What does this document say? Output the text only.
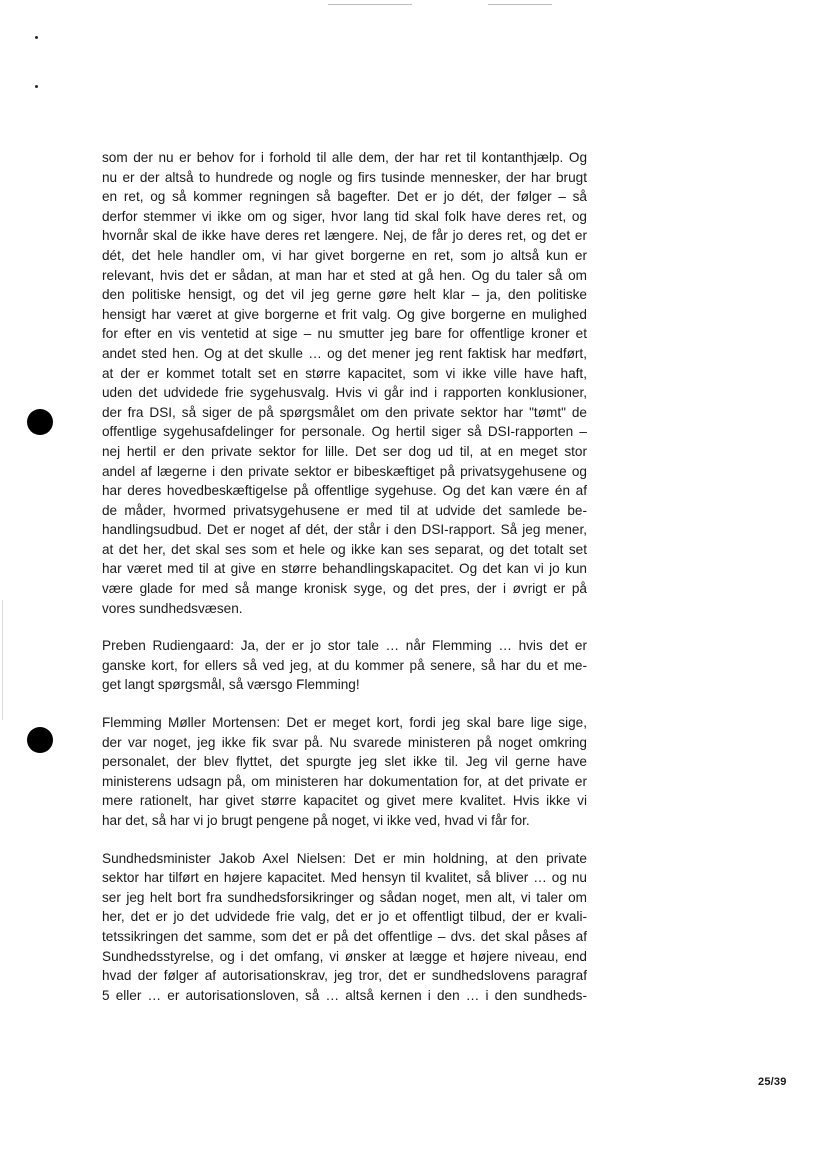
som der nu er behov for i forhold til alle dem, der har ret til kontanthjælp. Og
nu er der altså to hundrede og nogle og firs tusinde mennesker, der har brugt
en ret, og så kommer regningen så bagefter. Det er jo dét, der følger – så
derfor stemmer vi ikke om og siger, hvor lang tid skal folk have deres ret, og
hvornår skal de ikke have deres ret længere. Nej, de får jo deres ret, og det er
dét, det hele handler om, vi har givet borgerne en ret, som jo altså kun er
relevant, hvis det er sådan, at man har et sted at gå hen. Og du taler så om
den politiske hensigt, og det vil jeg gerne gøre helt klar – ja, den politiske
hensigt har været at give borgerne et frit valg. Og give borgerne en mulighed
for efter en vis ventetid at sige – nu smutter jeg bare for offentlige kroner et
andet sted hen. Og at det skulle … og det mener jeg rent faktisk har medført,
at der er kommet totalt set en større kapacitet, som vi ikke ville have haft,
uden det udvidede frie sygehusvalg. Hvis vi går ind i rapporten konklusioner,
der fra DSI, så siger de på spørgsmålet om den private sektor har "tømt" de
offentlige sygehusafdelinger for personale. Og hertil siger så DSI-rapporten –
nej hertil er den private sektor for lille. Det ser dog ud til, at en meget stor
andel af lægerne i den private sektor er bibeskæftiget på privatsygehusene og
har deres hovedbeskæftigelse på offentlige sygehuse. Og det kan være én af
de måder, hvormed privatsygehusene er med til at udvide det samlede be-
handlingsudbud. Det er noget af dét, der står i den DSI-rapport. Så jeg mener,
at det her, det skal ses som et hele og ikke kan ses separat, og det totalt set
har været med til at give en større behandlingskapacitet. Og det kan vi jo kun
være glade for med så mange kronisk syge, og det pres, der i øvrigt er på
vores sundhedsvæsen.
Preben Rudiengaard: Ja, der er jo stor tale … når Flemming … hvis det er
ganske kort, for ellers så ved jeg, at du kommer på senere, så har du et me-
get langt spørgsmål, så værsgo Flemming!
Flemming Møller Mortensen: Det er meget kort, fordi jeg skal bare lige sige,
der var noget, jeg ikke fik svar på. Nu svarede ministeren på noget omkring
personalet, der blev flyttet, det spurgte jeg slet ikke til. Jeg vil gerne have
ministerens udsagn på, om ministeren har dokumentation for, at det private er
mere rationelt, har givet større kapacitet og givet mere kvalitet. Hvis ikke vi
har det, så har vi jo brugt pengene på noget, vi ikke ved, hvad vi får for.
Sundhedsminister Jakob Axel Nielsen: Det er min holdning, at den private
sektor har tilført en højere kapacitet. Med hensyn til kvalitet, så bliver … og nu
ser jeg helt bort fra sundhedsforsikringer og sådan noget, men alt, vi taler om
her, det er jo det udvidede frie valg, det er jo et offentligt tilbud, der er kvali-
tetssikringen det samme, som det er på det offentlige – dvs. det skal påses af
Sundhedsstyrelse, og i det omfang, vi ønsker at lægge et højere niveau, end
hvad der følger af autorisationskrav, jeg tror, det er sundhedslovens paragraf
5 eller … er autorisationsloven, så … altså kernen i den … i den sundheds-
25/39
